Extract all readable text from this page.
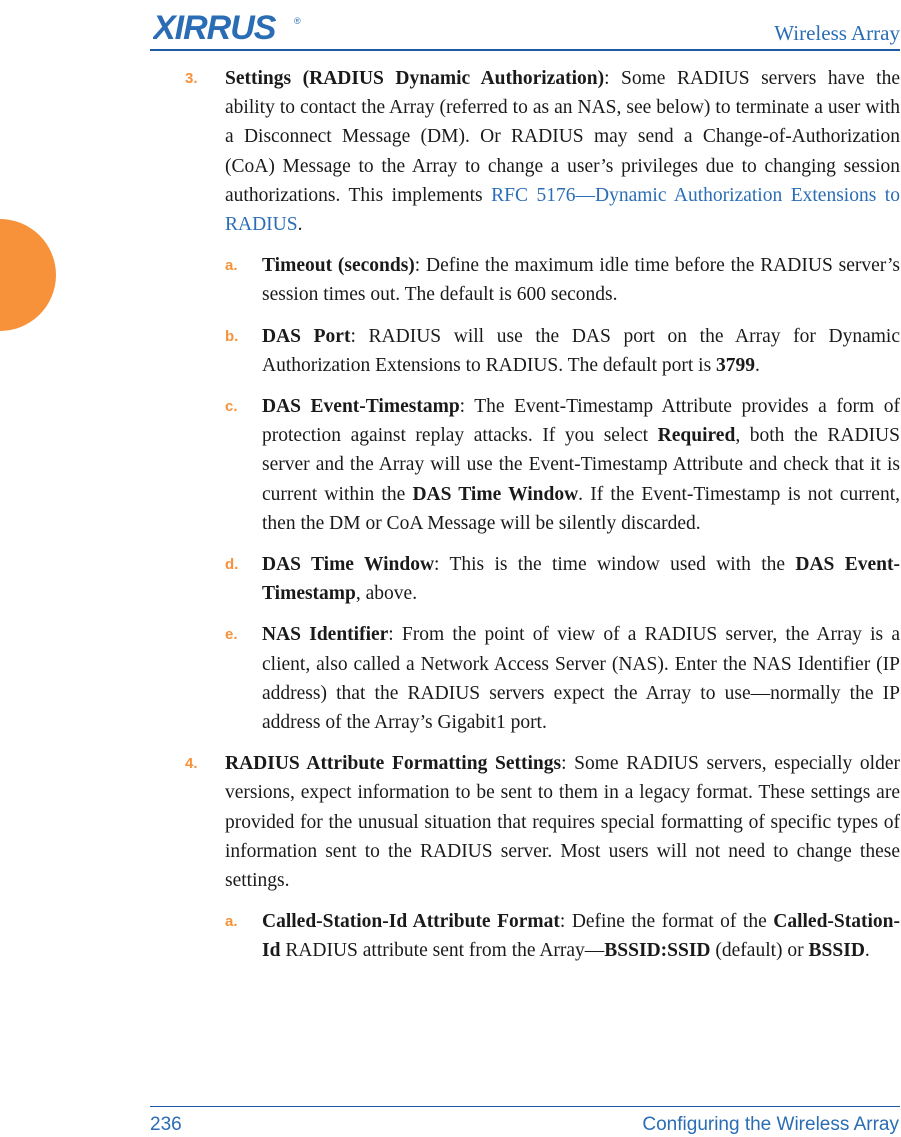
XIRRUS ®	Wireless Array
3. Settings (RADIUS Dynamic Authorization): Some RADIUS servers have the ability to contact the Array (referred to as an NAS, see below) to terminate a user with a Disconnect Message (DM). Or RADIUS may send a Change-of-Authorization (CoA) Message to the Array to change a user’s privileges due to changing session authorizations. This implements RFC 5176—Dynamic Authorization Extensions to RADIUS.
a. Timeout (seconds): Define the maximum idle time before the RADIUS server’s session times out. The default is 600 seconds.
b. DAS Port: RADIUS will use the DAS port on the Array for Dynamic Authorization Extensions to RADIUS. The default port is 3799.
c. DAS Event-Timestamp: The Event-Timestamp Attribute provides a form of protection against replay attacks. If you select Required, both the RADIUS server and the Array will use the Event-Timestamp Attribute and check that it is current within the DAS Time Window. If the Event-Timestamp is not current, then the DM or CoA Message will be silently discarded.
d. DAS Time Window: This is the time window used with the DAS Event-Timestamp, above.
e. NAS Identifier: From the point of view of a RADIUS server, the Array is a client, also called a Network Access Server (NAS). Enter the NAS Identifier (IP address) that the RADIUS servers expect the Array to use—normally the IP address of the Array’s Gigabit1 port.
4. RADIUS Attribute Formatting Settings: Some RADIUS servers, especially older versions, expect information to be sent to them in a legacy format. These settings are provided for the unusual situation that requires special formatting of specific types of information sent to the RADIUS server. Most users will not need to change these settings.
a. Called-Station-Id Attribute Format: Define the format of the Called-Station-Id RADIUS attribute sent from the Array—BSSID:SSID (default) or BSSID.
236	Configuring the Wireless Array
